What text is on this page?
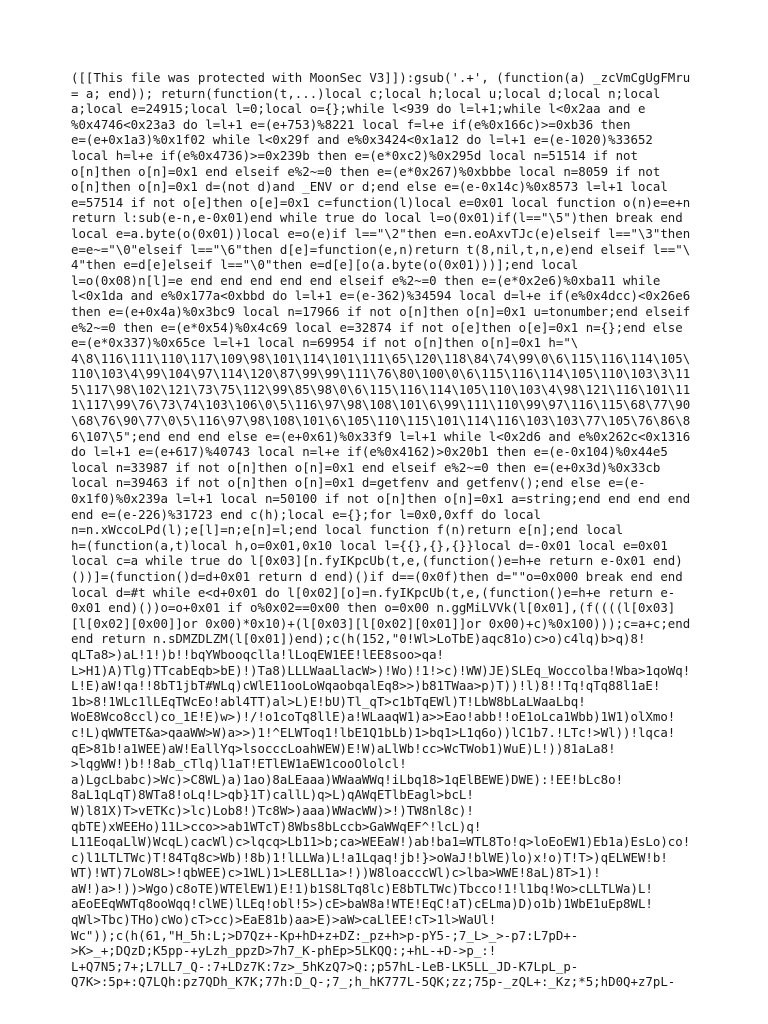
([[This file was protected with MoonSec V3]]):gsub('.+', (function(a) _zcVmCgUgFMru
= a; end)); return(function(t,...)local c;local h;local u;local d;local n;local
a;local e=24915;local l=0;local o={};while l<939 do l=l+1;while l<0x2aa and e
%0x4746<0x23a3 do l=l+1 e=(e+753)%8221 local f=l+e if(e%0x166c)>=0xb36 then
e=(e+0x1a3)%0x1f02 while l<0x29f and e%0x3424<0x1a12 do l=l+1 e=(e-1020)%33652
local h=l+e if(e%0x4736)>=0x239b then e=(e*0xc2)%0x295d local n=51514 if not
o[n]then o[n]=0x1 end elseif e%2~=0 then e=(e*0x267)%0xbbbe local n=8059 if not
o[n]then o[n]=0x1 d=(not d)and _ENV or d;end else e=(e-0x14c)%0x8573 l=l+1 local
e=57514 if not o[e]then o[e]=0x1 c=function(l)local e=0x01 local function o(n)e=e+n
return l:sub(e-n,e-0x01)end while true do local l=o(0x01)if(l=="\5")then break end
local e=a.byte(o(0x01))local e=o(e)if l=="\2"then e=n.eoAxvTJc(e)elseif l=="\3"then
e=e~="\0"elseif l=="\6"then d[e]=function(e,n)return t(8,nil,t,n,e)end elseif l=="\
4"then e=d[e]elseif l=="\0"then e=d[e][o(a.byte(o(0x01)))];end local
l=o(0x08)n[l]=e end end end end end elseif e%2~=0 then e=(e*0x2e6)%0xba11 while
l<0x1da and e%0x177a<0xbbd do l=l+1 e=(e-362)%34594 local d=l+e if(e%0x4dcc)<0x26e6
then e=(e+0x4a)%0x3bc9 local n=17966 if not o[n]then o[n]=0x1 u=tonumber;end elseif
e%2~=0 then e=(e*0x54)%0x4c69 local e=32874 if not o[e]then o[e]=0x1 n={};end else
e=(e*0x337)%0x65ce l=l+1 local n=69954 if not o[n]then o[n]=0x1 h="\
4\8\116\111\110\117\109\98\101\114\101\111\65\120\118\84\74\99\0\6\115\116\114\105\
110\103\4\99\104\97\114\120\87\99\99\111\76\80\100\0\6\115\116\114\105\110\103\3\11
5\117\98\102\121\73\75\112\99\85\98\0\6\115\116\114\105\110\103\4\98\121\116\101\11
1\117\99\76\73\74\103\106\0\5\116\97\98\108\101\6\99\111\110\99\97\116\115\68\77\90
\68\76\90\77\0\5\116\97\98\108\101\6\105\110\115\101\114\116\103\103\77\105\76\86\8
6\107\5";end end end else e=(e+0x61)%0x33f9 l=l+1 while l<0x2d6 and e%0x262c<0x1316
do l=l+1 e=(e+617)%40743 local n=l+e if(e%0x4162)>0x20b1 then e=(e-0x104)%0x44e5
local n=33987 if not o[n]then o[n]=0x1 end elseif e%2~=0 then e=(e+0x3d)%0x33cb
local n=39463 if not o[n]then o[n]=0x1 d=getfenv and getfenv();end else e=(e-
0x1f0)%0x239a l=l+1 local n=50100 if not o[n]then o[n]=0x1 a=string;end end end end
end e=(e-226)%31723 end c(h);local e={};for l=0x0,0xff do local
n=n.xWccoLPd(l);e[l]=n;e[n]=l;end local function f(n)return e[n];end local
h=(function(a,t)local h,o=0x01,0x10 local l={{},{},{}}local d=-0x01 local e=0x01
local c=a while true do l[0x03][n.fyIKpcUb(t,e,(function()e=h+e return e-0x01 end)
())]=(function()d=d+0x01 return d end)()if d==(0x0f)then d=""o=0x000 break end end
local d=#t while e<d+0x01 do l[0x02][o]=n.fyIKpcUb(t,e,(function()e=h+e return e-
0x01 end)())o=o+0x01 if o%0x02==0x00 then o=0x00 n.ggMiLVVk(l[0x01],(f((((l[0x03]
[l[0x02][0x00]]or 0x00)*0x10)+(l[0x03][l[0x02][0x01]]or 0x00)+c)%0x100)));c=a+c;end
end return n.sDMZDLZM(l[0x01])end);c(h(152,"0!Wl>LoTbE)aqc81o)c>o)c4lq)b>q)8!
qLTa8>)aL!1!)b!!bqYWbooqclla!lLoqEW1EE!lEE8soo>qa!
L>H1)A)Tlg)TTcabEqb>bE)!)Ta8)LLLWaaLlacW>)!Wo)!1!>c)!WW)JE)SLEq_Woccolba!Wba>1qoWq!
L!E)aW!qa!!8bT1jbT#WLq)cWlE11ooLoWqaobqalEq8>>)b81TWaa>p)T))!l)8!!Tq!qTq88l1aE!
1b>8!1WLc1lLEqTWcEo!abl4TT)al>L)E!bU)Tl_qT>c1bTqEWl)T!LbW8bLaLWaaLbq!
WoE8Wco8ccl)co_1E!E)w>)!/!o1coTq8llE)a!WLaaqW1)a>>Eao!abb!!oE1oLca1Wbb)1W1)olXmo!
c!L)qWWTET&a>qaaWW>W)a>>)1!^ELWToq1!lbE1Q1bLb)1>bq1>L1q6o))lC1b7.!LTc!>Wl))!lqca!
qE>81b!a1WEE)aW!EallYq>lsocccLoahWEW)E!W)aLlWb!cc>WcTWob1)WuE)L!))81aLa8!
>lqgWW!)b!!8ab_cTlq)l1aT!ETlEW1aEW1cooOlolcl!
a)LgcLbabc)>Wc)>C8WL)a)1ao)8aLEaaa)WWaaWWq!iLbq18>1qElBEWE)DWE):!EE!bLc8o!
8aL1qLqT)8WTa8!oLq!L>qb}1T)callL)q>L)qAWqETlbEagl>bcL!
W)l81X)T>vETKc)>lc)Lob8!)Tc8W>)aaa)WWacWW)>!)TW8nl8c)!
qbTE)xWEEHo)11L>cco>>ab1WTcT)8Wbs8bLccb>GaWWqEF^!lcL)q!
L11EoqaLlW)WcqL)cacWl)c>lqcq>Lb11>b;ca>WEEaW!)ab!ba1=WTL8To!q>loEoEW1)Eb1a)EsLo)co!
c)l1LTLTWc)T!84Tq8c>Wb)!8b)1!lLLWa)L!a1Lqaq!jb!}>oWaJ!blWE)lo)x!o)T!T>)qELWEW!b!
WT)!WT)7LoW8L>!qbWEE)c>1WL)1>LE8LL1a>!))W8loacccWl)c>lba>WWE!8aL)8T>1)!
aW!)a>!))>Wgo)c8oTE)WTElEW1)E!1)b1S8LTq8lc)E8bTLTWc)Tbcco!1!l1bq!Wo>cLLTLWa)L!
aEoEEqWWTq8ooWqq!clWE)lLEq!obl!5>)cE>baW8a!WTE!EqC!aT)cELma)D)o1b)1WbE1uEp8WL!
qWl>Tbc)THo)cWo)cT>cc)>EaE81b)aa>E)>aW>caLlEE!cT>1l>WaUl!
Wc"));c(h(61,"H_5h:L;>D7Qz+-Kp+hD+z+DZ:_pz+h>p-pY5-;7_L>_>-p7:L7pD+-
>K>_+;DQzD;K5pp-+yLzh_ppzD>7h7_K-phEp>5LKQQ:;+hL-+D->p_:!
L+Q7N5;7+;L7LL7_Q-:7+LDz7K:7z>_5hKzQ7>Q:;p57hL-LeB-LK5LL_JD-K7LpL_p-
Q7K>:5p+:Q7LQh:pz7QDh_K7K;77h:D_Q-;7_;h_hK777L-5QK;zz;75p-_zQL+:_Kz;*5;hD0Q+z7pL-
